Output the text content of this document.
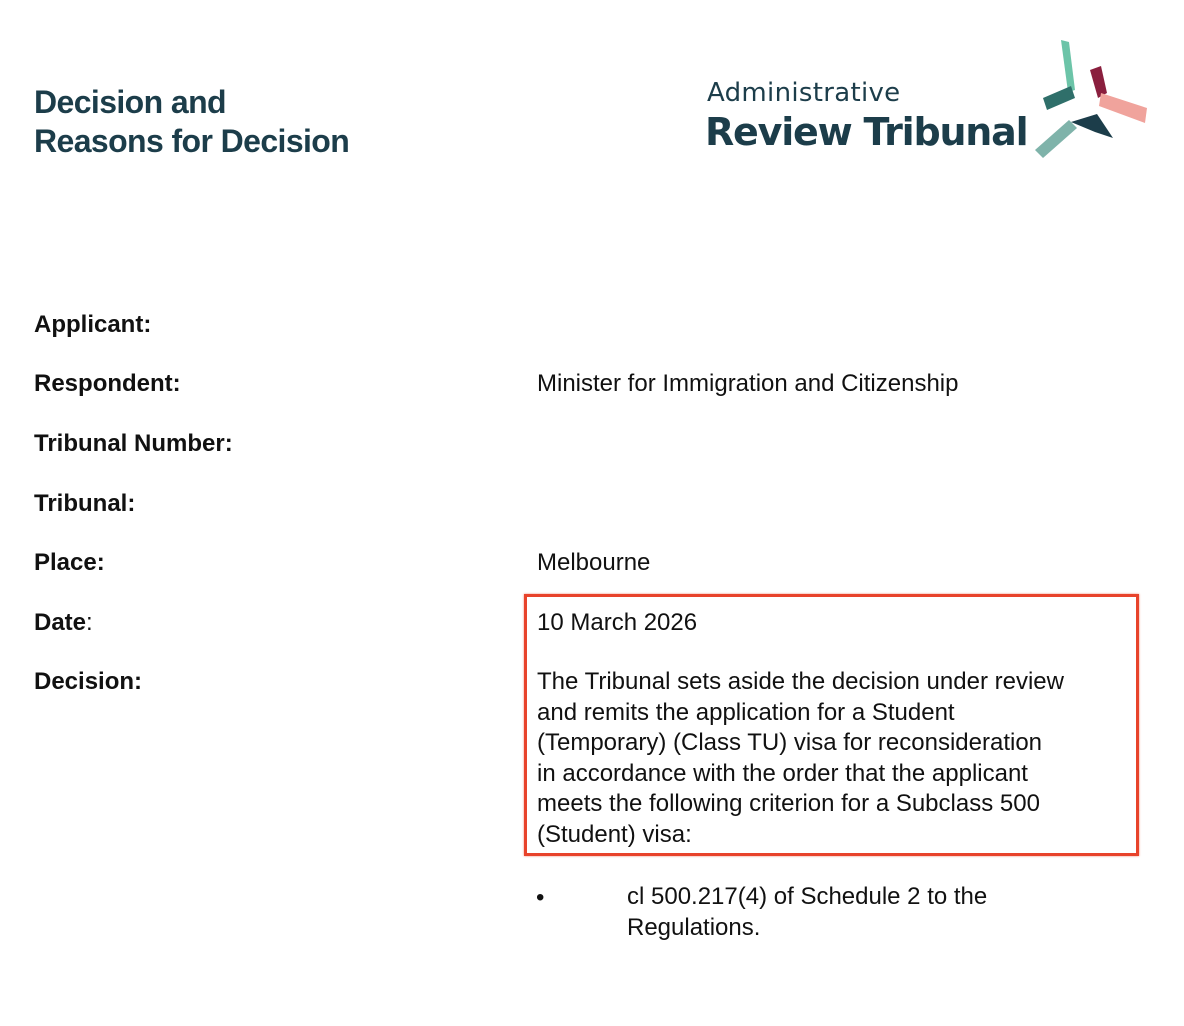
Decision and
Reasons for Decision
Administrative
Review Tribunal
Applicant:
Respondent:	Minister for Immigration and Citizenship
Tribunal Number:
Tribunal:
Place:	Melbourne
Date:	10 March 2026
Decision:	The Tribunal sets aside the decision under review
and remits the application for a Student
(Temporary) (Class TU) visa for reconsideration
in accordance with the order that the applicant
meets the following criterion for a Subclass 500
(Student) visa:
•	cl 500.217(4) of Schedule 2 to the
Regulations.
